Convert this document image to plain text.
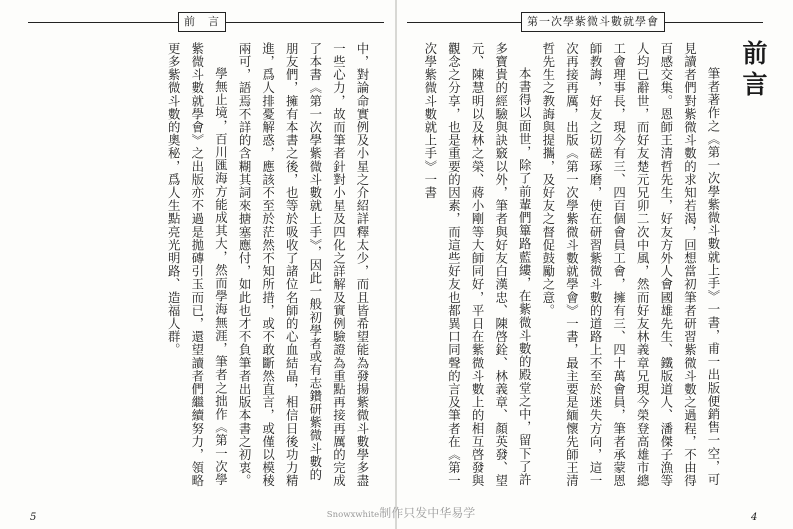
前　言

中，對論命實例及小星之介紹詳釋太少，而且皆希望能為發揚紫微斗數學多盡一些心力，故而筆者針對小星及四化之詳解及實例驗證為重點再接再厲的完成了本書《第一次學紫微斗數就上手》，因此一般初學者或有志鑽研紫微斗數的朋友們，擁有本書之後，也等於吸收了諸位名師的心血結晶，相信日後功力精進，爲人排憂解惑，應該不至於茫然不知所措，或不敢斷然直言，或僅以模稜兩可，語焉不詳的含糊其詞來搪塞應付，如此也才不負筆者出版本書之初衷。

學無止境，百川匯海方能成其大，然而學海無涯，筆者之拙作《第一次學紫微斗數就學會》之出版亦不過是拋磚引玉而已，還望讀者們繼續努力，領略更多紫微斗數的奧秘，爲人生點亮光明路、造福人群。

5
第一次學紫微斗數就學會

筆者著作之《第一次學紫微斗數就上手》一書，甫一出版便銷售一空，可見讀者們對紫微斗數的求知若渴，回想當初筆者研習紫微斗數之過程，不由得百感交集。恩師王清哲先生，好友方外人會國雄先生、鐵版道人、潘傑子漁等人均已辭世，而好友楚元兄卯二次中風，然而好友林義章兄現今榮登高雄市總工會理事長，現今有三、四百個會員工會，擁有三、四十萬會員，筆者承蒙恩師教誨，好友之切磋琢磨，使在研習紫微斗數的道路上不至於迷失方向，這一次再接再厲，出版《第一次學紫微斗數就學會》一書，最主要是緬懷先師王清哲先生之教誨與提攜，及好友之督促鼓勵之意。

本書得以面世，除了前輩們篳路藍縷，在紫微斗數的殿堂之中，留下了許多寶貴的經驗與訣竅以外，筆者與好友白漢忠、陳啓銓、林義章、顏英發、望元、陳慧明以及林之榮、蔣小剛等大師同好，平日在紫微斗數上的相互啓發與觀念之分享，也是重要的因素，而這些好友也都異口同聲的言及筆者在《第一次學紫微斗數就上手》一書

4
前言
Snowxwhite制作只发中华易学
